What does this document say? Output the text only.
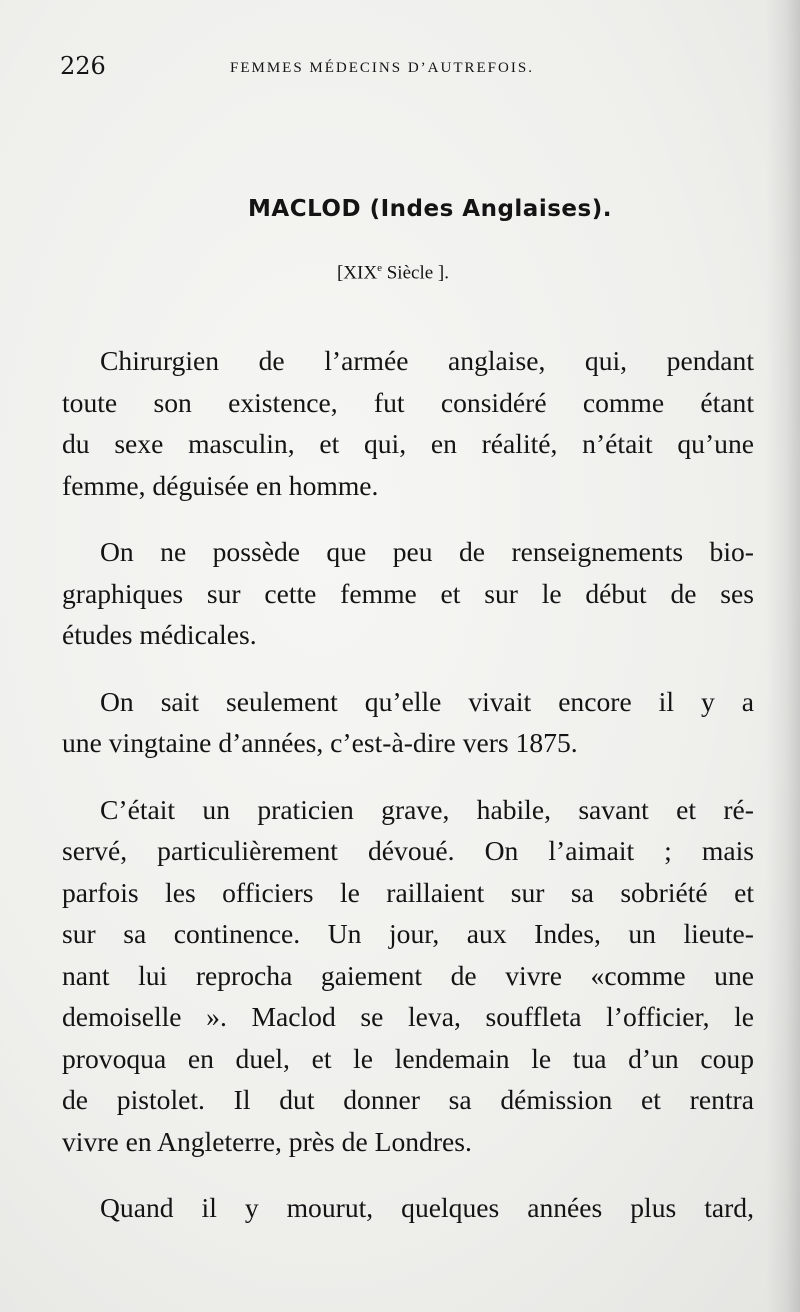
226	FEMMES MÉDECINS D’AUTREFOIS.
MACLOD (Indes Anglaises).
[XIXe Siècle ].
Chirurgien de l’armée anglaise, qui, pendant
toute son existence, fut considéré comme étant
du sexe masculin, et qui, en réalité, n’était qu’une
femme, déguisée en homme.
On ne possède que peu de renseignements bio-
graphiques sur cette femme et sur le début de ses
études médicales.
On sait seulement qu’elle vivait encore il y a
une vingtaine d’années, c’est-à-dire vers 1875.
C’était un praticien grave, habile, savant et ré-
servé, particulièrement dévoué. On l’aimait ; mais
parfois les officiers le raillaient sur sa sobriété et
sur sa continence. Un jour, aux Indes, un lieute-
nant lui reprocha gaiement de vivre «comme une
demoiselle ». Maclod se leva, souffleta l’officier, le
provoqua en duel, et le lendemain le tua d’un coup
de pistolet. Il dut donner sa démission et rentra
vivre en Angleterre, près de Londres.
Quand il y mourut, quelques années plus tard,
